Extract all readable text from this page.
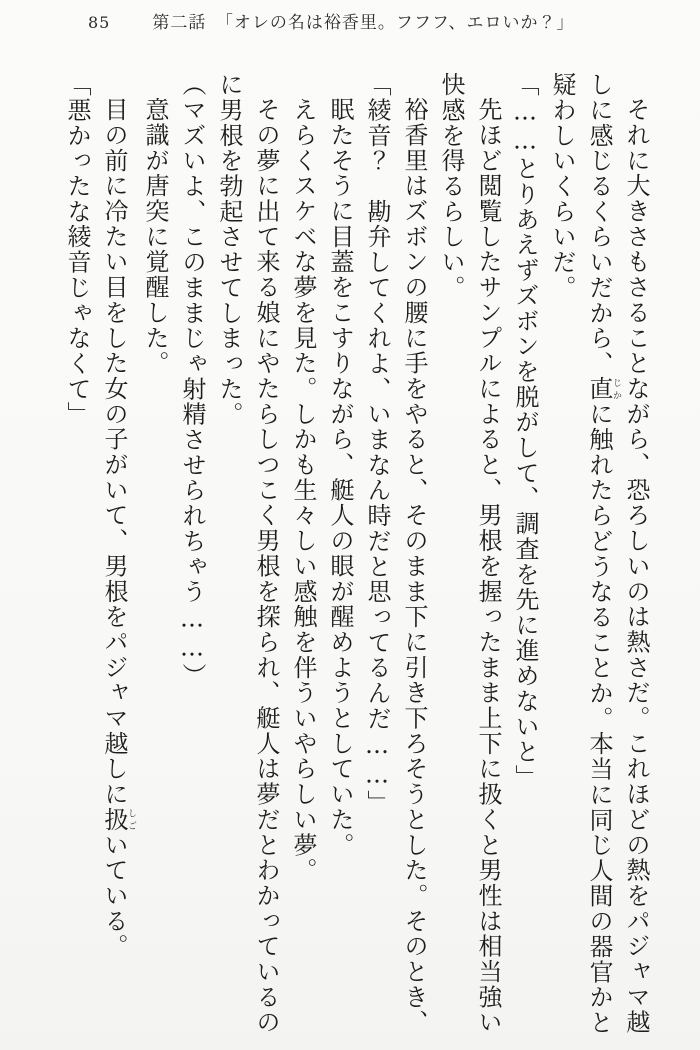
85 第二話　「オレの名は裕香里。フフフ、エロいか？」

それに大きさもさることながら、恐ろしいのは熱さだ。これほどの熱をパジャマ越しに感じるくらいだから、直じかに触れたらどうなることか。本当に同じ人間の器官かと疑わしいくらいだ。

「……とりあえずズボンを脱がして、調査を先に進めないと」

先ほど閲覧したサンプルによると、男根を握ったまま上下に扱くと男性は相当強い快感を得るらしい。

裕香里はズボンの腰に手をやると、そのまま下に引き下ろそうとした。そのとき、

「綾音？　勘弁してくれよ、いまなん時だと思ってるんだ……」

眠たそうに目蓋をこすりながら、艇人の眼が醒めようとしていた。

えらくスケベな夢を見た。しかも生々しい感触を伴ういやらしい夢。

その夢に出て来る娘にやたらしつこく男根を探られ、艇人は夢だとわかっているのに男根を勃起させてしまった。

（マズいよ、このままじゃ射精させられちゃう……）

意識が唐突に覚醒した。

目の前に冷たい目をした女の子がいて、男根をパジャマ越しに扱しごいている。

「悪かったな綾音じゃなくて」
